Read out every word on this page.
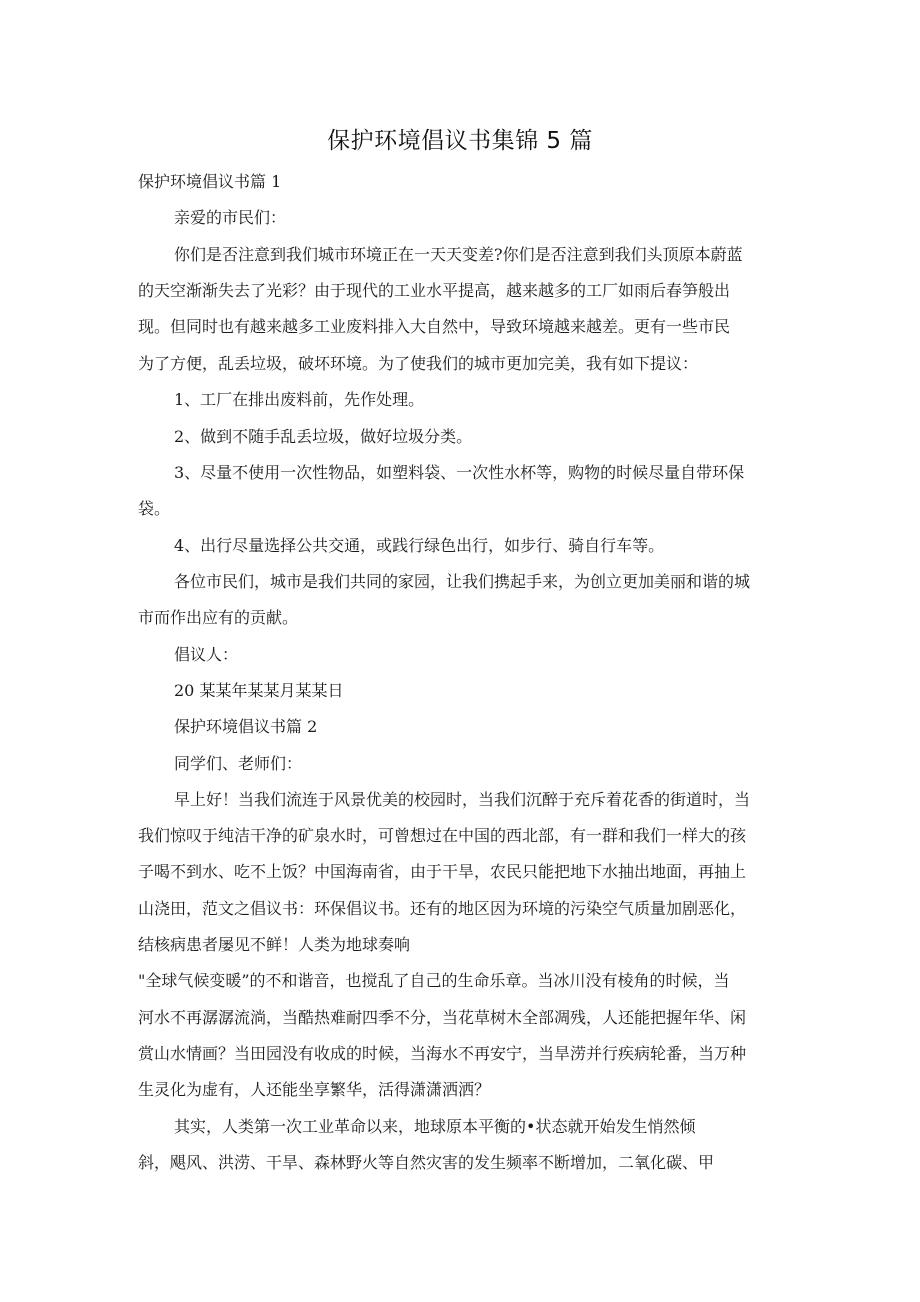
保护环境倡议书集锦 5 篇
保护环境倡议书篇 1
亲爱的市民们：
你们是否注意到我们城市环境正在一天天变差?你们是否注意到我们头顶原本蔚蓝
的天空渐渐失去了光彩？由于现代的工业水平提高，越来越多的工厂如雨后春笋般出
现。但同时也有越来越多工业废料排入大自然中，导致环境越来越差。更有一些市民
为了方便，乱丢垃圾，破坏环境。为了使我们的城市更加完美，我有如下提议：
1、工厂在排出废料前，先作处理。
2、做到不随手乱丢垃圾，做好垃圾分类。
3、尽量不使用一次性物品，如塑料袋、一次性水杯等，购物的时候尽量自带环保
袋。
4、出行尽量选择公共交通，或践行绿色出行，如步行、骑自行车等。
各位市民们，城市是我们共同的家园，让我们携起手来，为创立更加美丽和谐的城
市而作出应有的贡献。
倡议人：
20 某某年某某月某某日
保护环境倡议书篇 2
同学们、老师们：
早上好！当我们流连于风景优美的校园时，当我们沉醉于充斥着花香的街道时，当
我们惊叹于纯洁干净的矿泉水时，可曾想过在中国的西北部，有一群和我们一样大的孩
子喝不到水、吃不上饭？中国海南省，由于干旱，农民只能把地下水抽出地面，再抽上
山浇田，范文之倡议书：环保倡议书。还有的地区因为环境的污染空气质量加剧恶化，
结核病患者屡见不鲜！人类为地球奏响
"全球气候变暖”的不和谐音，也搅乱了自己的生命乐章。当冰川没有棱角的时候，当
河水不再潺潺流淌，当酷热难耐四季不分，当花草树木全部凋残，人还能把握年华、闲
赏山水情画？当田园没有收成的时候，当海水不再安宁，当旱涝并行疾病轮番，当万种
生灵化为虚有，人还能坐享繁华，活得潇潇洒洒？
其实，人类第一次工业革命以来，地球原本平衡的•状态就开始发生悄然倾
斜，飓风、洪涝、干旱、森林野火等自然灾害的发生频率不断增加，二氧化碳、甲
